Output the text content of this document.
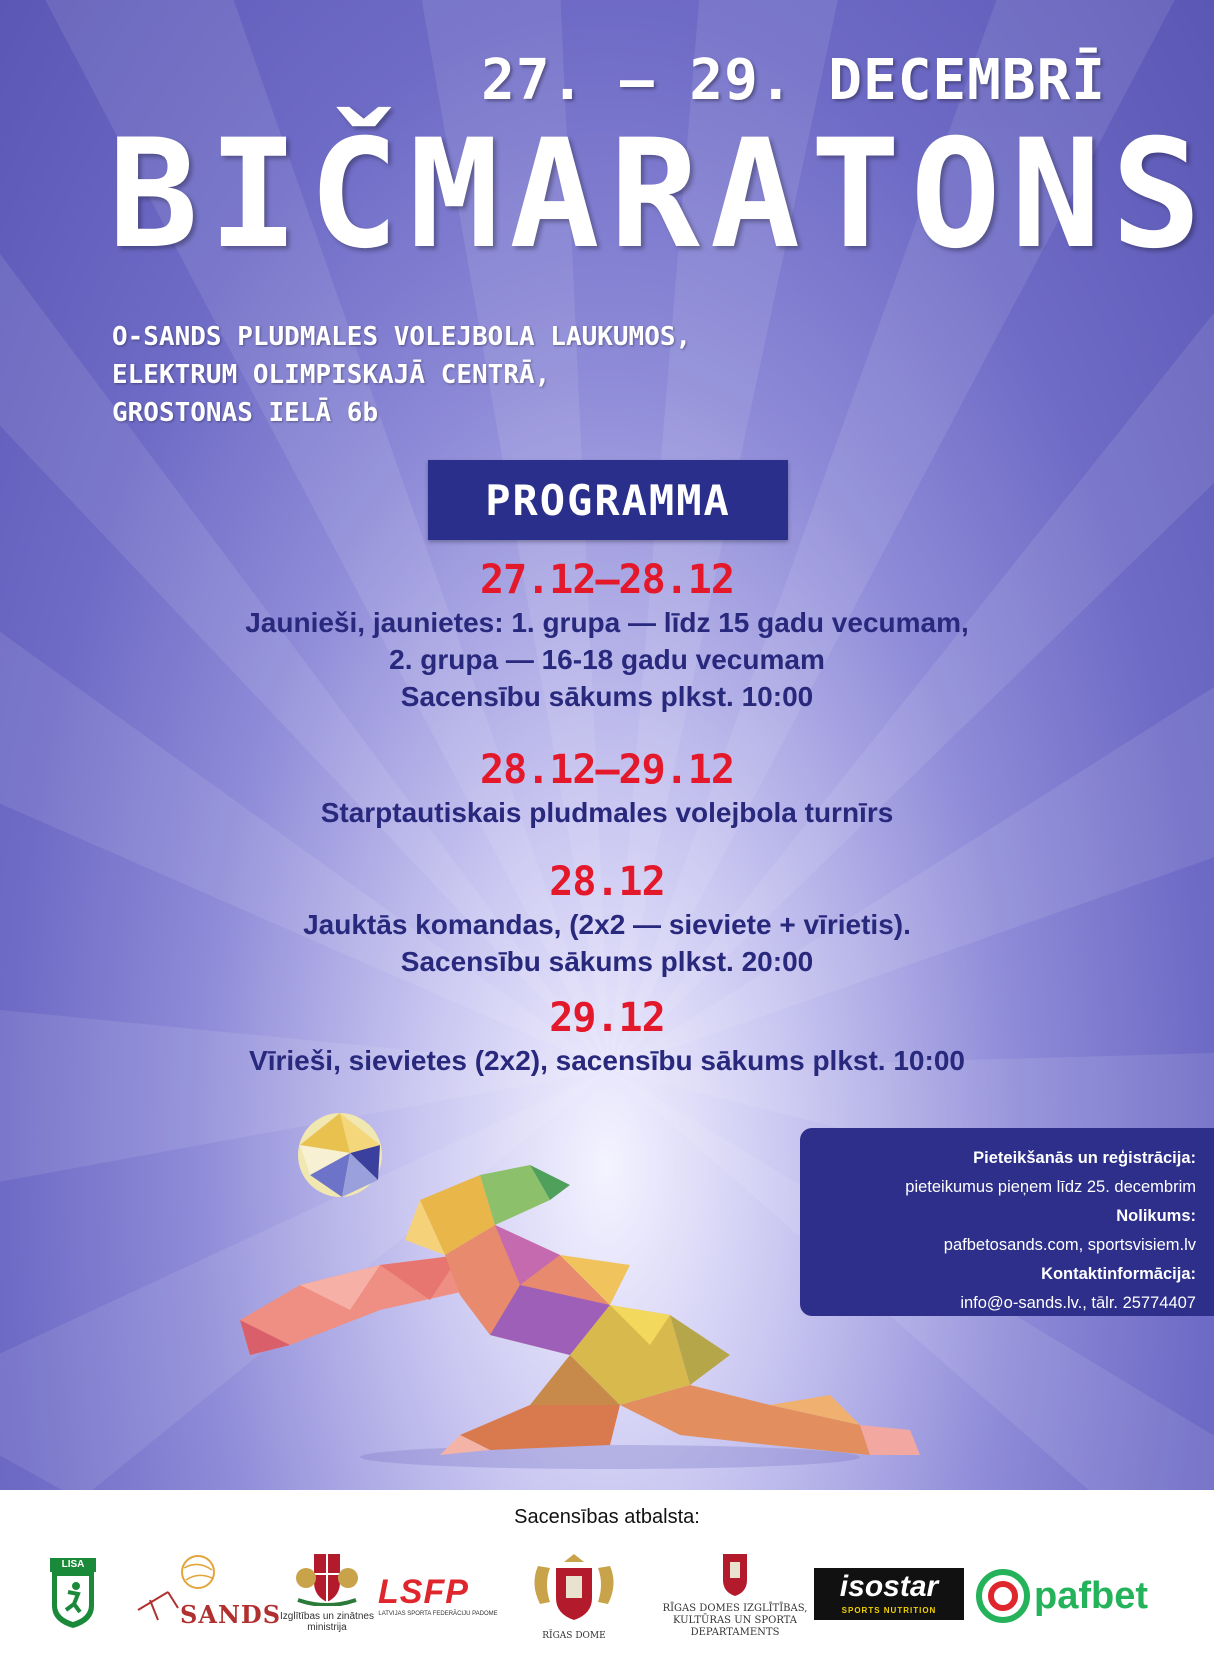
27. – 29. DECEMBRĪ
BIČMARATONS
O-SANDS PLUDMALES VOLEJBOLA LAUKUMOS,
ELEKTRUM OLIMPISKAJĀ CENTRĀ,
GROSTONAS IELĀ 6b
PROGRAMMA
27.12–28.12
Jaunieši, jaunietes: 1. grupa — līdz 15 gadu vecumam,
2. grupa — 16-18 gadu vecumam
Sacensību sākums plkst. 10:00
28.12–29.12
Starptautiskais pludmales volejbola turnīrs
28.12
Jauktās komandas, (2x2 — sieviete + vīrietis).
Sacensību sākums plkst. 20:00
29.12
Vīrieši, sievietes (2x2), sacensību sākums plkst. 10:00
Pieteikšanās un reģistrācija:
pieteikumus pieņem līdz 25. decembrim
Nolikums:
pafbetosands.com, sportsvisiem.lv
Kontaktinformācija:
info@o-sands.lv., tālr. 25774407
Sacensības atbalsta:
LISA
SANDS
Izglītības un zinātnes ministrija
LSFP
LATVIJAS SPORTA FEDERĀCIJU PADOME
RĪGAS DOME
RĪGAS DOMES IZGLĪTĪBAS, KULTŪRAS UN SPORTA DEPARTAMENTS
isostar
SPORTS NUTRITION	pafbet
